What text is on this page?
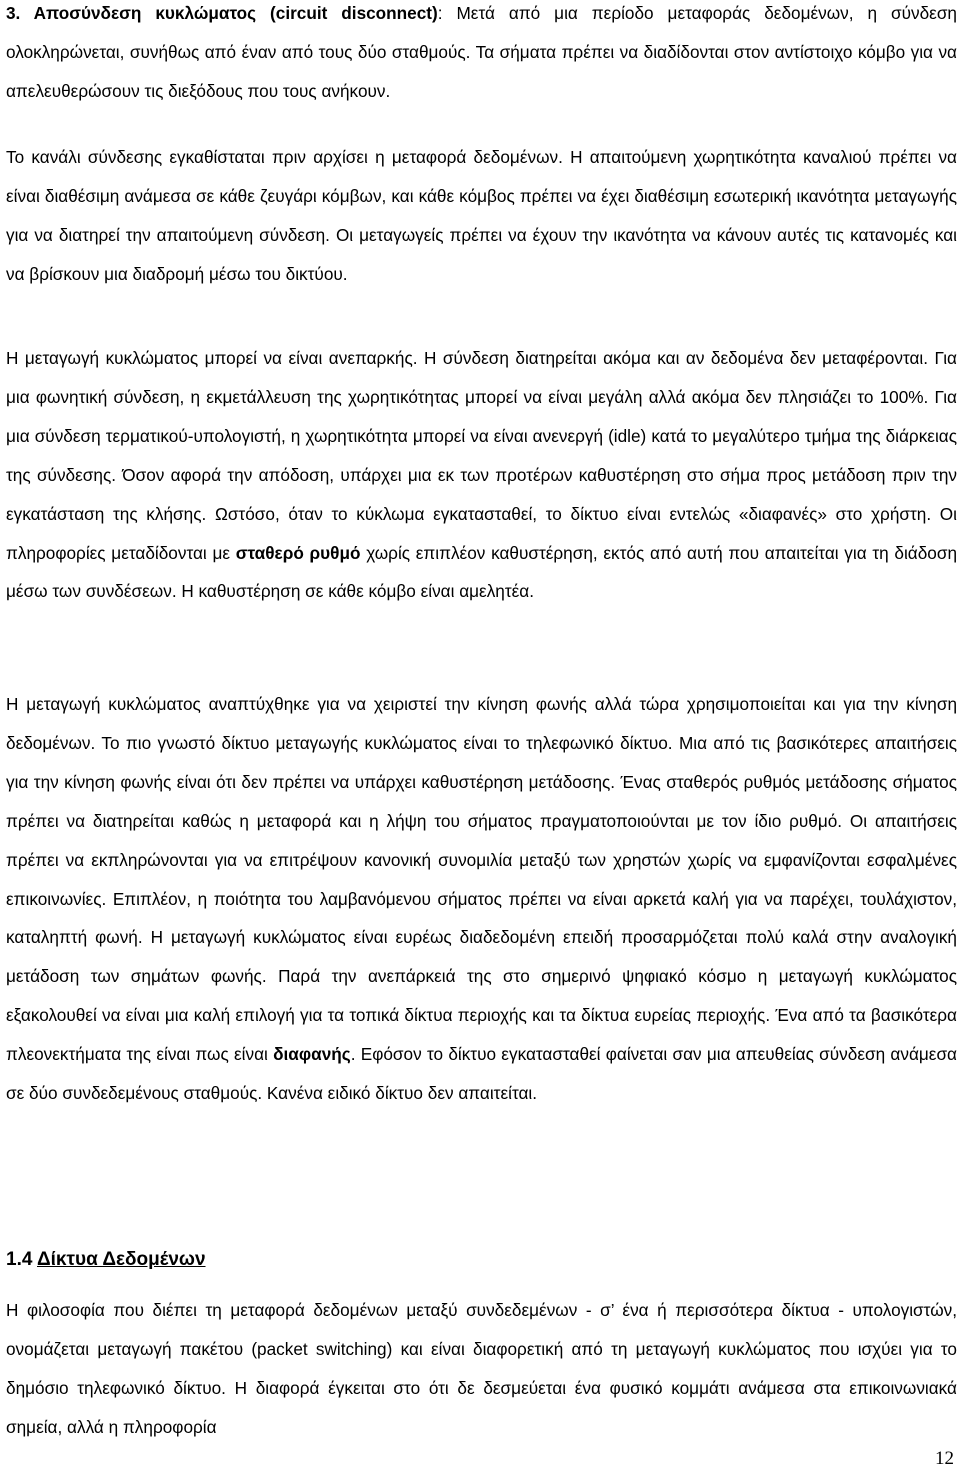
3. Αποσύνδεση κυκλώματος (circuit disconnect): Μετά από μια περίοδο μεταφοράς δεδομένων, η σύνδεση ολοκληρώνεται, συνήθως από έναν από τους δύο σταθμούς. Τα σήματα πρέπει να διαδίδονται στον αντίστοιχο κόμβο για να απελευθερώσουν τις διεξόδους που τους ανήκουν.

Το κανάλι σύνδεσης εγκαθίσταται πριν αρχίσει η μεταφορά δεδομένων. Η απαιτούμενη χωρητικότητα καναλιού πρέπει να είναι διαθέσιμη ανάμεσα σε κάθε ζευγάρι κόμβων, και κάθε κόμβος πρέπει να έχει διαθέσιμη εσωτερική ικανότητα μεταγωγής για να διατηρεί την απαιτούμενη σύνδεση. Οι μεταγωγείς πρέπει να έχουν την ικανότητα να κάνουν αυτές τις κατανομές και να βρίσκουν μια διαδρομή μέσω του δικτύου.

Η μεταγωγή κυκλώματος μπορεί να είναι ανεπαρκής. Η σύνδεση διατηρείται ακόμα και αν δεδομένα δεν μεταφέρονται. Για μια φωνητική σύνδεση, η εκμετάλλευση της χωρητικότητας μπορεί να είναι μεγάλη αλλά ακόμα δεν πλησιάζει το 100%. Για μια σύνδεση τερματικού-υπολογιστή, η χωρητικότητα μπορεί να είναι ανενεργή (idle) κατά το μεγαλύτερο τμήμα της διάρκειας της σύνδεσης. Όσον αφορά την απόδοση, υπάρχει μια εκ των προτέρων καθυστέρηση στο σήμα προς μετάδοση πριν την εγκατάσταση της κλήσης. Ωστόσο, όταν το κύκλωμα εγκατασταθεί, το δίκτυο είναι εντελώς «διαφανές» στο χρήστη. Οι πληροφορίες μεταδίδονται με σταθερό ρυθμό χωρίς επιπλέον καθυστέρηση, εκτός από αυτή που απαιτείται για τη διάδοση μέσω των συνδέσεων. Η καθυστέρηση σε κάθε κόμβο είναι αμελητέα.

Η μεταγωγή κυκλώματος αναπτύχθηκε για να χειριστεί την κίνηση φωνής αλλά τώρα χρησιμοποιείται και για την κίνηση δεδομένων. Το πιο γνωστό δίκτυο μεταγωγής κυκλώματος είναι το τηλεφωνικό δίκτυο. Μια από τις βασικότερες απαιτήσεις για την κίνηση φωνής είναι ότι δεν πρέπει να υπάρχει καθυστέρηση μετάδοσης. Ένας σταθερός ρυθμός μετάδοσης σήματος πρέπει να διατηρείται καθώς η μεταφορά και η λήψη του σήματος πραγματοποιούνται με τον ίδιο ρυθμό. Οι απαιτήσεις πρέπει να εκπληρώνονται για να επιτρέψουν κανονική συνομιλία μεταξύ των χρηστών χωρίς να εμφανίζονται εσφαλμένες επικοινωνίες. Επιπλέον, η ποιότητα του λαμβανόμενου σήματος πρέπει να είναι αρκετά καλή για να παρέχει, τουλάχιστον, καταληπτή φωνή. Η μεταγωγή κυκλώματος είναι ευρέως διαδεδομένη επειδή προσαρμόζεται πολύ καλά στην αναλογική μετάδοση των σημάτων φωνής. Παρά την ανεπάρκειά της στο σημερινό ψηφιακό κόσμο η μεταγωγή κυκλώματος εξακολουθεί να είναι μια καλή επιλογή για τα τοπικά δίκτυα περιοχής και τα δίκτυα ευρείας περιοχής. Ένα από τα βασικότερα πλεονεκτήματα της είναι πως είναι διαφανής. Εφόσον το δίκτυο εγκατασταθεί φαίνεται σαν μια απευθείας σύνδεση ανάμεσα σε δύο συνδεδεμένους σταθμούς. Κανένα ειδικό δίκτυο δεν απαιτείται.

1.4 Δίκτυα Δεδομένων

Η φιλοσοφία που διέπει τη μεταφορά δεδομένων μεταξύ συνδεδεμένων - σ’ ένα ή περισσότερα δίκτυα - υπολογιστών, ονομάζεται μεταγωγή πακέτου (packet switching) και είναι διαφορετική από τη μεταγωγή κυκλώματος που ισχύει για το δημόσιο τηλεφωνικό δίκτυο. Η διαφορά έγκειται στο ότι δε δεσμεύεται ένα φυσικό κομμάτι ανάμεσα στα επικοινωνιακά σημεία, αλλά η πληροφορία

12
